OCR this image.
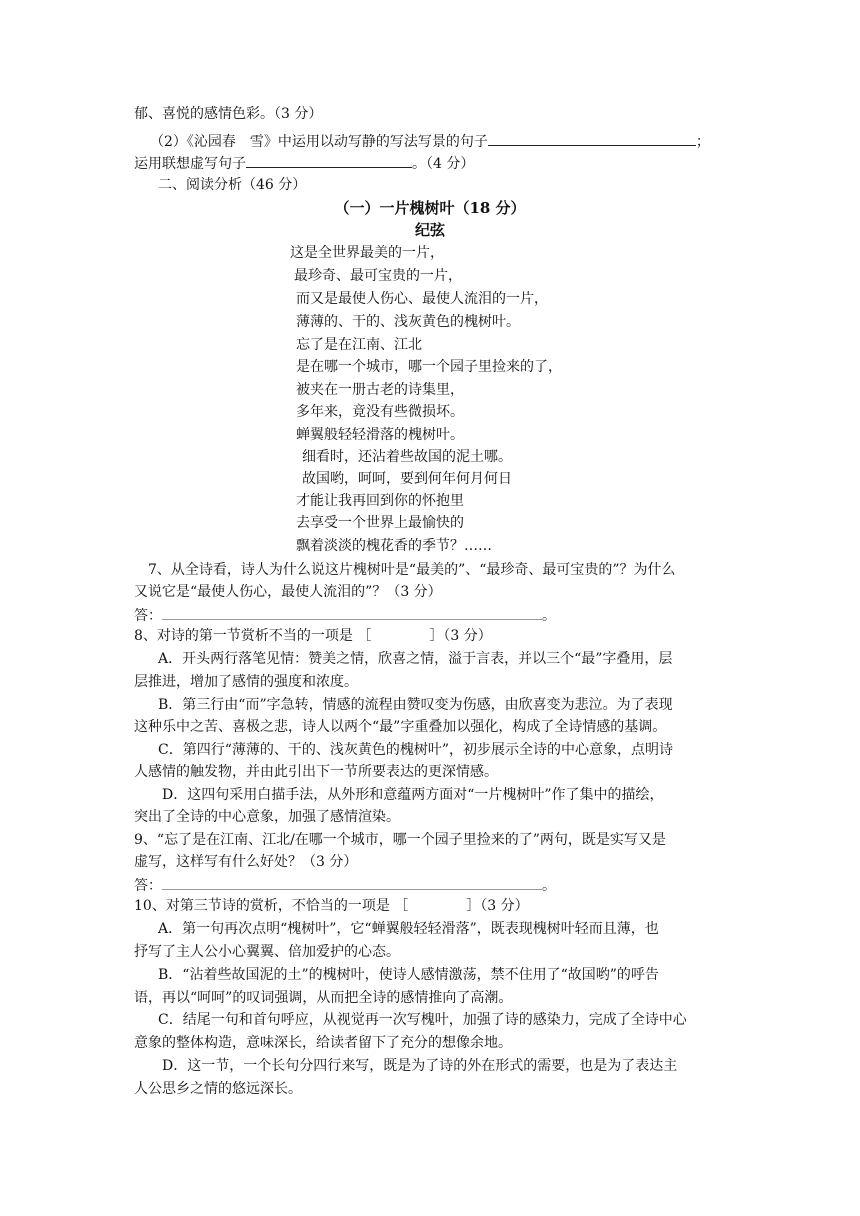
郁、喜悦的感情色彩。（3 分）
（2）《沁园春　雪》中运用以动写静的写法写景的句子	；
运用联想虚写句子	。（4 分）
二、阅读分析（46 分）
（一）一片槐树叶（18 分）
纪弦
这是全世界最美的一片，
最珍奇、最可宝贵的一片，
而又是最使人伤心、最使人流泪的一片，
薄薄的、干的、浅灰黄色的槐树叶。
忘了是在江南、江北
是在哪一个城市，哪一个园子里捡来的了，
被夹在一册古老的诗集里，
多年来，竟没有些微损坏。
蝉翼般轻轻滑落的槐树叶。
细看时，还沾着些故国的泥土哪。
故国哟，呵呵，要到何年何月何日
才能让我再回到你的怀抱里
去享受一个世界上最愉快的
飘着淡淡的槐花香的季节？……
7、从全诗看，诗人为什么说这片槐树叶是“最美的”、“最珍奇、最可宝贵的”？为什么
又说它是“最使人伤心，最使人流泪的”？（3 分）
答：	。
8、对诗的第一节赏析不当的一项是 ［	］（3 分）
A．开头两行落笔见情：赞美之情，欣喜之情，溢于言表，并以三个“最”字叠用，层
层推进，增加了感情的强度和浓度。
B．第三行由“而”字急转，情感的流程由赞叹变为伤感，由欣喜变为悲泣。为了表现
这种乐中之苦、喜极之悲，诗人以两个“最”字重叠加以强化，构成了全诗情感的基调。
C．第四行“薄薄的、干的、浅灰黄色的槐树叶”，初步展示全诗的中心意象，点明诗
人感情的触发物，并由此引出下一节所要表达的更深情感。
D．这四句采用白描手法，从外形和意蕴两方面对“一片槐树叶”作了集中的描绘，
突出了全诗的中心意象，加强了感情渲染。
9、“忘了是在江南、江北/在哪一个城市，哪一个园子里捡来的了”两句，既是实写又是
虚写，这样写有什么好处？（3 分）
答：	。
10、对第三节诗的赏析，不恰当的一项是 ［	］（3 分）
A．第一句再次点明“槐树叶”，它“蝉翼般轻轻滑落”，既表现槐树叶轻而且薄，也
抒写了主人公小心翼翼、倍加爱护的心态。
B．“沾着些故国泥的土”的槐树叶，使诗人感情激荡，禁不住用了“故国哟”的呼告
语，再以“呵呵”的叹词强调，从而把全诗的感情推向了高潮。
C．结尾一句和首句呼应，从视觉再一次写槐叶，加强了诗的感染力，完成了全诗中心
意象的整体构造，意味深长，给读者留下了充分的想像余地。
D．这一节，一个长句分四行来写，既是为了诗的外在形式的需要，也是为了表达主
人公思乡之情的悠远深长。
